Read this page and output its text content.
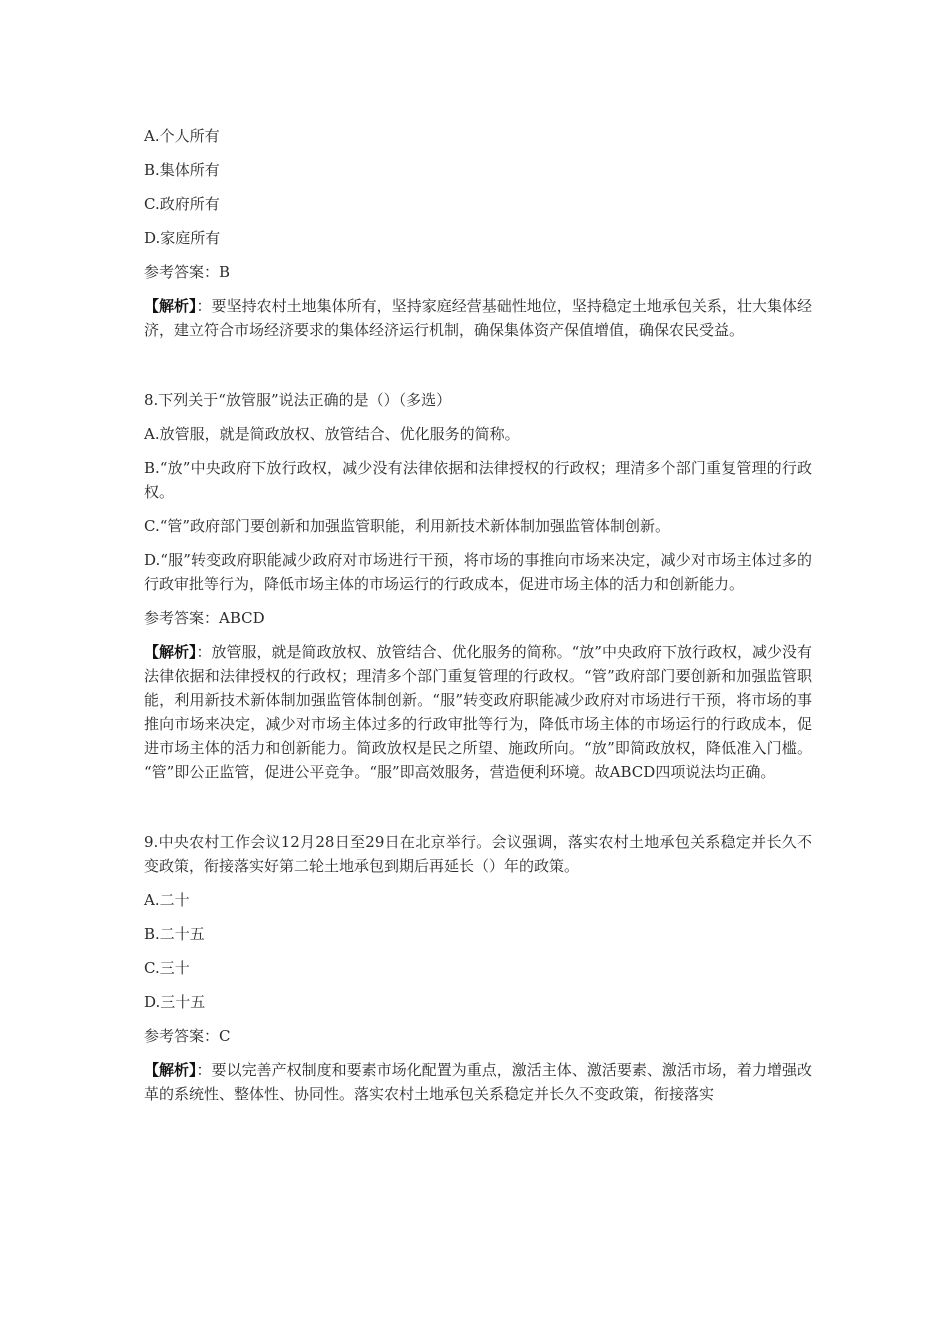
A.个人所有

B.集体所有

C.政府所有

D.家庭所有

参考答案：B

【解析】：要坚持农村土地集体所有，坚持家庭经营基础性地位，坚持稳定土地承包关系，壮大集体经济，建立符合市场经济要求的集体经济运行机制，确保集体资产保值增值，确保农民受益。

8.下列关于“放管服”说法正确的是（）（多选）

A.放管服，就是简政放权、放管结合、优化服务的简称。

B.“放”中央政府下放行政权，减少没有法律依据和法律授权的行政权；理清多个部门重复管理的行政权。

C.“管”政府部门要创新和加强监管职能，利用新技术新体制加强监管体制创新。

D.“服”转变政府职能减少政府对市场进行干预，将市场的事推向市场来决定，减少对市场主体过多的行政审批等行为，降低市场主体的市场运行的行政成本，促进市场主体的活力和创新能力。

参考答案：ABCD

【解析】：放管服，就是简政放权、放管结合、优化服务的简称。“放”中央政府下放行政权，减少没有法律依据和法律授权的行政权；理清多个部门重复管理的行政权。“管”政府部门要创新和加强监管职能，利用新技术新体制加强监管体制创新。“服”转变政府职能减少政府对市场进行干预，将市场的事推向市场来决定，减少对市场主体过多的行政审批等行为，降低市场主体的市场运行的行政成本，促进市场主体的活力和创新能力。简政放权是民之所望、施政所向。“放”即简政放权，降低准入门槛。 “管”即公正监管，促进公平竞争。“服”即高效服务，营造便利环境。故ABCD四项说法均正确。

9.中央农村工作会议12月28日至29日在北京举行。会议强调，落实农村土地承包关系稳定并长久不变政策，衔接落实好第二轮土地承包到期后再延长（）年的政策。

A.二十

B.二十五

C.三十

D.三十五

参考答案：C

【解析】：要以完善产权制度和要素市场化配置为重点，激活主体、激活要素、激活市场，着力增强改革的系统性、整体性、协同性。落实农村土地承包关系稳定并长久不变政策，衔接落实
